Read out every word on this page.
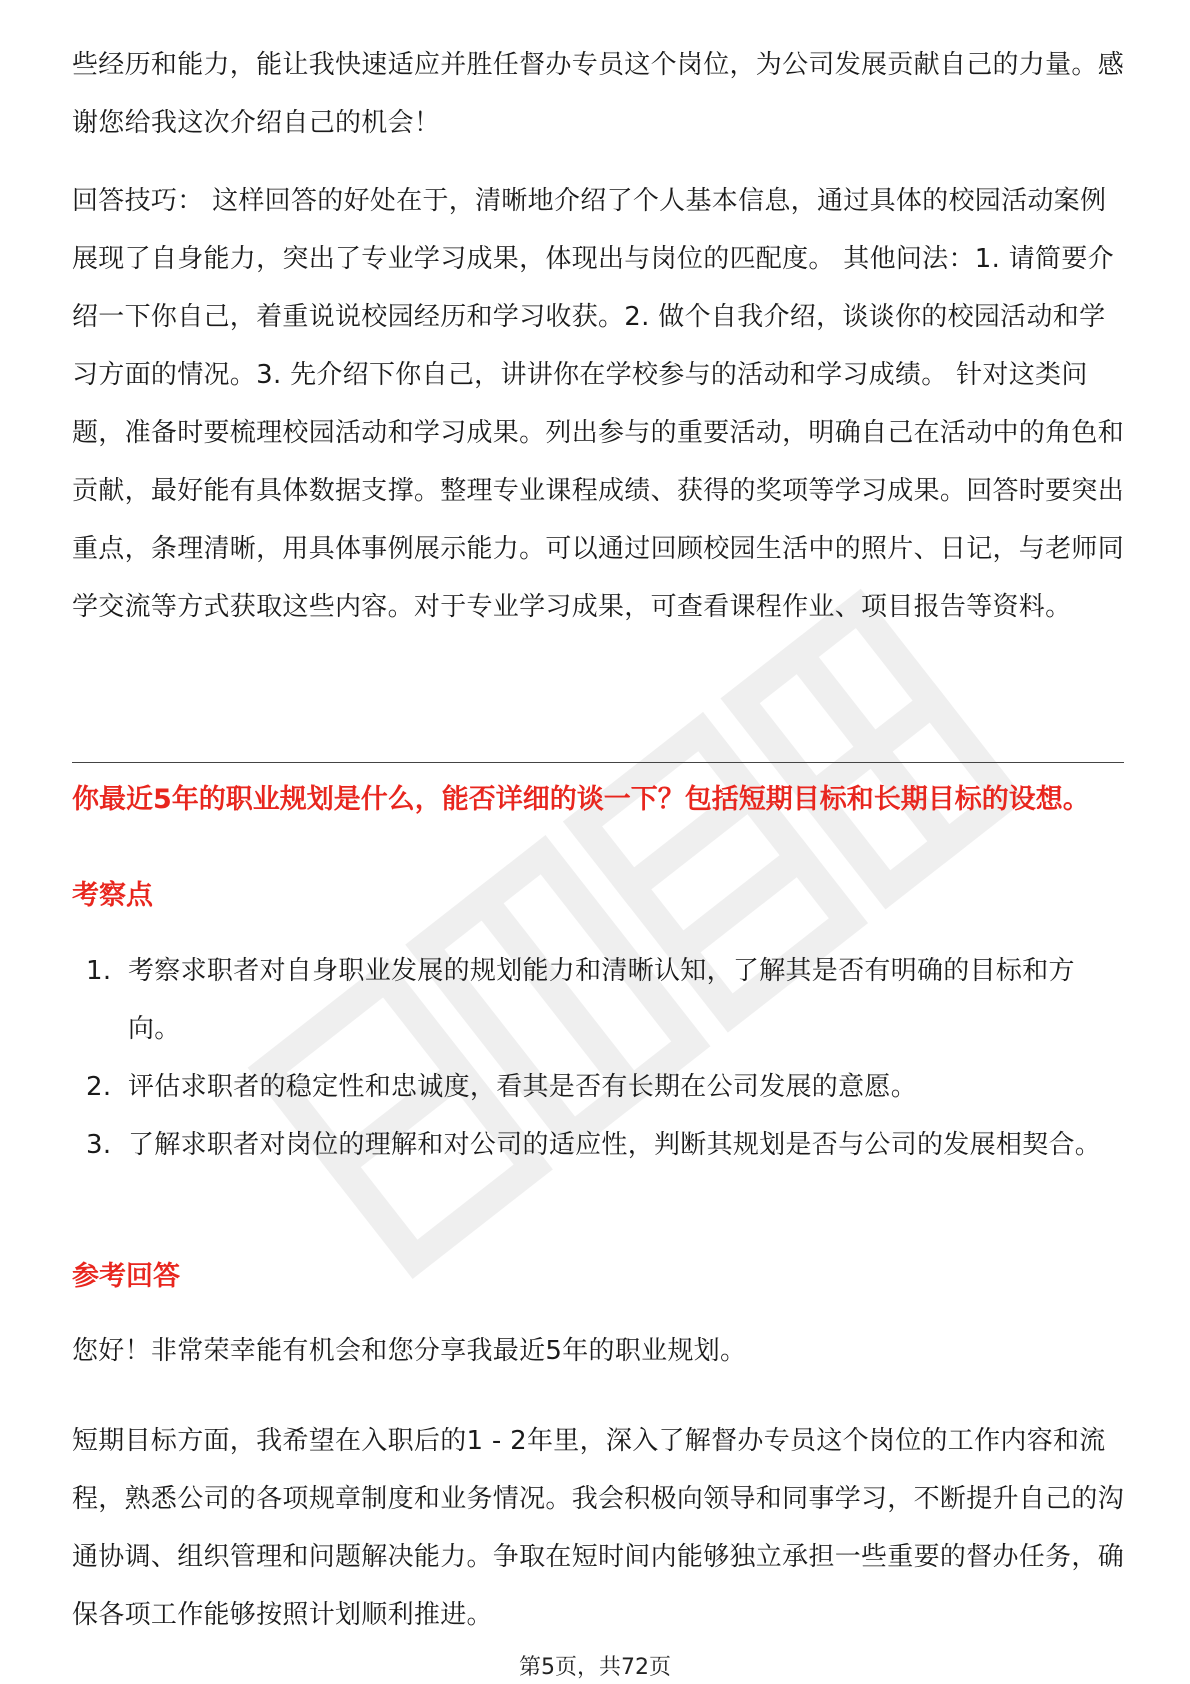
些经历和能力，能让我快速适应并胜任督办专员这个岗位，为公司发展贡献自己的力量。感谢您给我这次介绍自己的机会！

回答技巧： 这样回答的好处在于，清晰地介绍了个人基本信息，通过具体的校园活动案例展现了自身能力，突出了专业学习成果，体现出与岗位的匹配度。 其他问法：1. 请简要介绍一下你自己，着重说说校园经历和学习收获。2. 做个自我介绍，谈谈你的校园活动和学习方面的情况。3. 先介绍下你自己，讲讲你在学校参与的活动和学习成绩。 针对这类问题，准备时要梳理校园活动和学习成果。列出参与的重要活动，明确自己在活动中的角色和贡献，最好能有具体数据支撑。整理专业课程成绩、获得的奖项等学习成果。回答时要突出重点，条理清晰，用具体事例展示能力。可以通过回顾校园生活中的照片、日记，与老师同学交流等方式获取这些内容。对于专业学习成果，可查看课程作业、项目报告等资料。

你最近5年的职业规划是什么，能否详细的谈一下？包括短期目标和长期目标的设想。

考察点

1. 考察求职者对自身职业发展的规划能力和清晰认知，了解其是否有明确的目标和方向。
2. 评估求职者的稳定性和忠诚度，看其是否有长期在公司发展的意愿。
3. 了解求职者对岗位的理解和对公司的适应性，判断其规划是否与公司的发展相契合。

参考回答

您好！非常荣幸能有机会和您分享我最近5年的职业规划。

短期目标方面，我希望在入职后的1 - 2年里，深入了解督办专员这个岗位的工作内容和流程，熟悉公司的各项规章制度和业务情况。我会积极向领导和同事学习，不断提升自己的沟通协调、组织管理和问题解决能力。争取在短时间内能够独立承担一些重要的督办任务，确保各项工作能够按照计划顺利推进。

第5页，共72页
